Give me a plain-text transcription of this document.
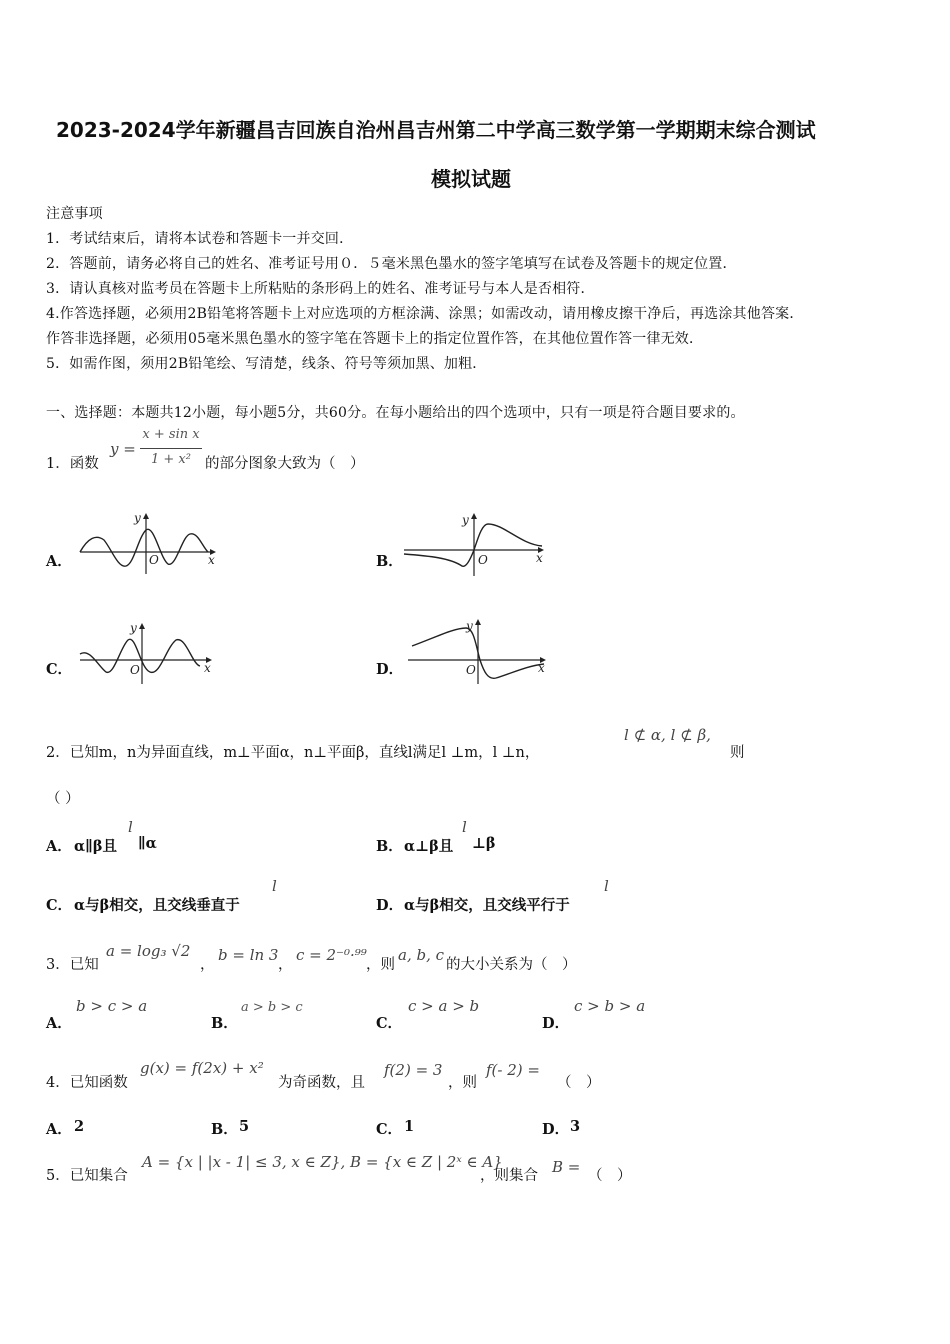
2023-2024学年新疆昌吉回族自治州昌吉州第二中学高三数学第一学期期末综合测试
模拟试题
注意事项
1．考试结束后，请将本试卷和答题卡一并交回．
2．答题前，请务必将自己的姓名、准考证号用０．５毫米黑色墨水的签字笔填写在试卷及答题卡的规定位置．
3．请认真核对监考员在答题卡上所粘贴的条形码上的姓名、准考证号与本人是否相符．
4.作答选择题，必须用2B铅笔将答题卡上对应选项的方框涂满、涂黑；如需改动，请用橡皮擦干净后，再选涂其他答案．
作答非选择题，必须用05毫米黑色墨水的签字笔在答题卡上的指定位置作答，在其他位置作答一律无效．
5．如需作图，须用2B铅笔绘、写清楚，线条、符号等须加黑、加粗．
一、选择题：本题共12小题，每小题5分，共60分。在每小题给出的四个选项中，只有一项是符合题目要求的。
1．函数
y =
x + sin x
1 + x² 的部分图象大致为（　）
A．	B．
C．	D．
y
O	x
y
O	x
y
O	x
y
O	x
2．已知m，n为异面直线，m⊥平面α，n⊥平面β，直线l满足l ⊥m，l ⊥n，
l ⊄ α, l ⊄ β,
则
（ ）
A． α∥β且
l
∥α	B． α⊥β且
l
⊥β
C． α与β相交，且交线垂直于
l
D． α与β相交，且交线平行于
l
3．已知
a = log₃ √2
，
b = ln 3
，
c = 2⁻⁰·⁹⁹
，则
a, b, c
的大小关系为（　）
A．
b > c > a
B．
a > b > c
C．
c > a > b
D．
c > b > a
4．已知函数
g(x) = f(2x) + x²
为奇函数，且
f(2) = 3
，则
f(- 2) =
（　）
A． 2	B． 5	C． 1	D． 3
5．已知集合
A = {x | |x - 1| ≤ 3, x ∈ Z}, B = {x ∈ Z | 2ˣ ∈ A}
，则集合 B = （　）
